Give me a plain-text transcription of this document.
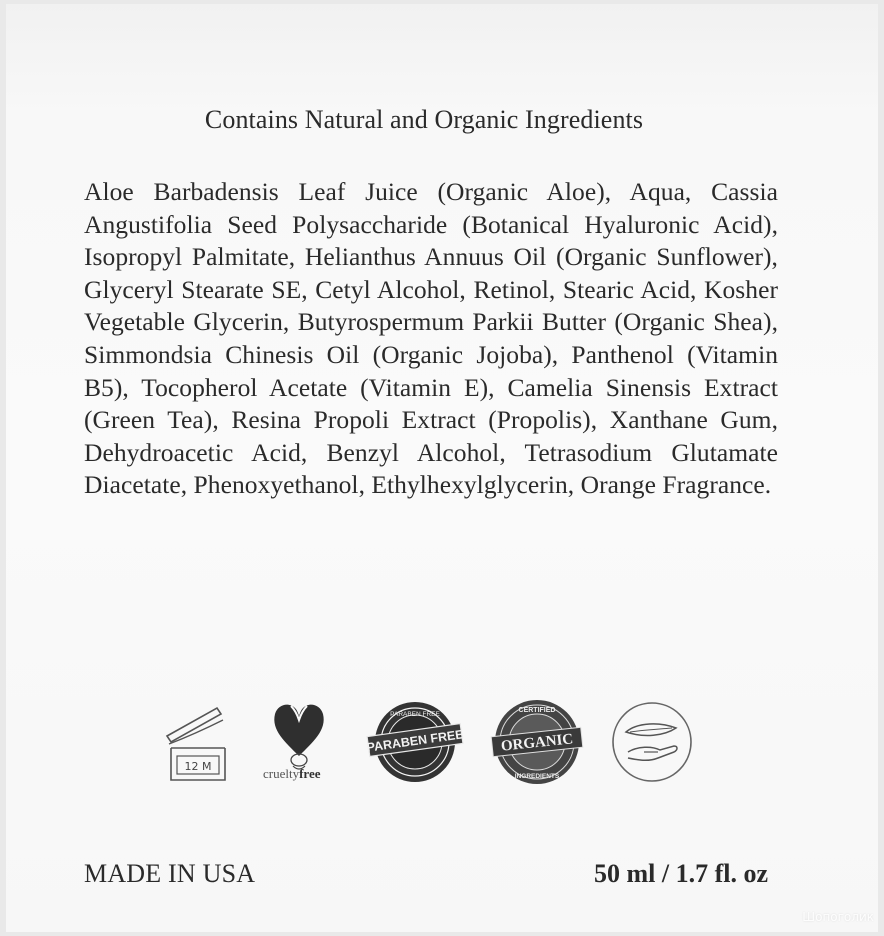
Contains Natural and Organic Ingredients
Aloe Barbadensis Leaf Juice (Organic Aloe), Aqua, Cassia Angustifolia Seed Polysaccharide (Botanical Hyaluronic Acid), Isopropyl Palmitate, Helianthus Annuus Oil (Organic Sunflower), Glyceryl Stearate SE, Cetyl Alcohol, Retinol, Stearic Acid, Kosher Vegetable Glycerin, Butyrospermum Parkii Butter (Organic Shea), Simmondsia Chinesis Oil (Organic Jojoba), Panthenol (Vitamin B5), Tocopherol Acetate (Vitamin E), Camelia Sinensis Extract (Green Tea), Resina Propoli Extract (Propolis), Xanthane Gum, Dehydroacetic Acid, Benzyl Alcohol, Tetrasodium Glutamate Diacetate, Phenoxyethanol, Ethylhexylglycerin, Orange Fragrance.
12 M	crueltyfree
PARABEN FREE
PARABEN FREE
CERTIFIED
ORGANIC
INGREDIENTS
MADE IN USA	50 ml / 1.7 fl. oz
Шопоголик
